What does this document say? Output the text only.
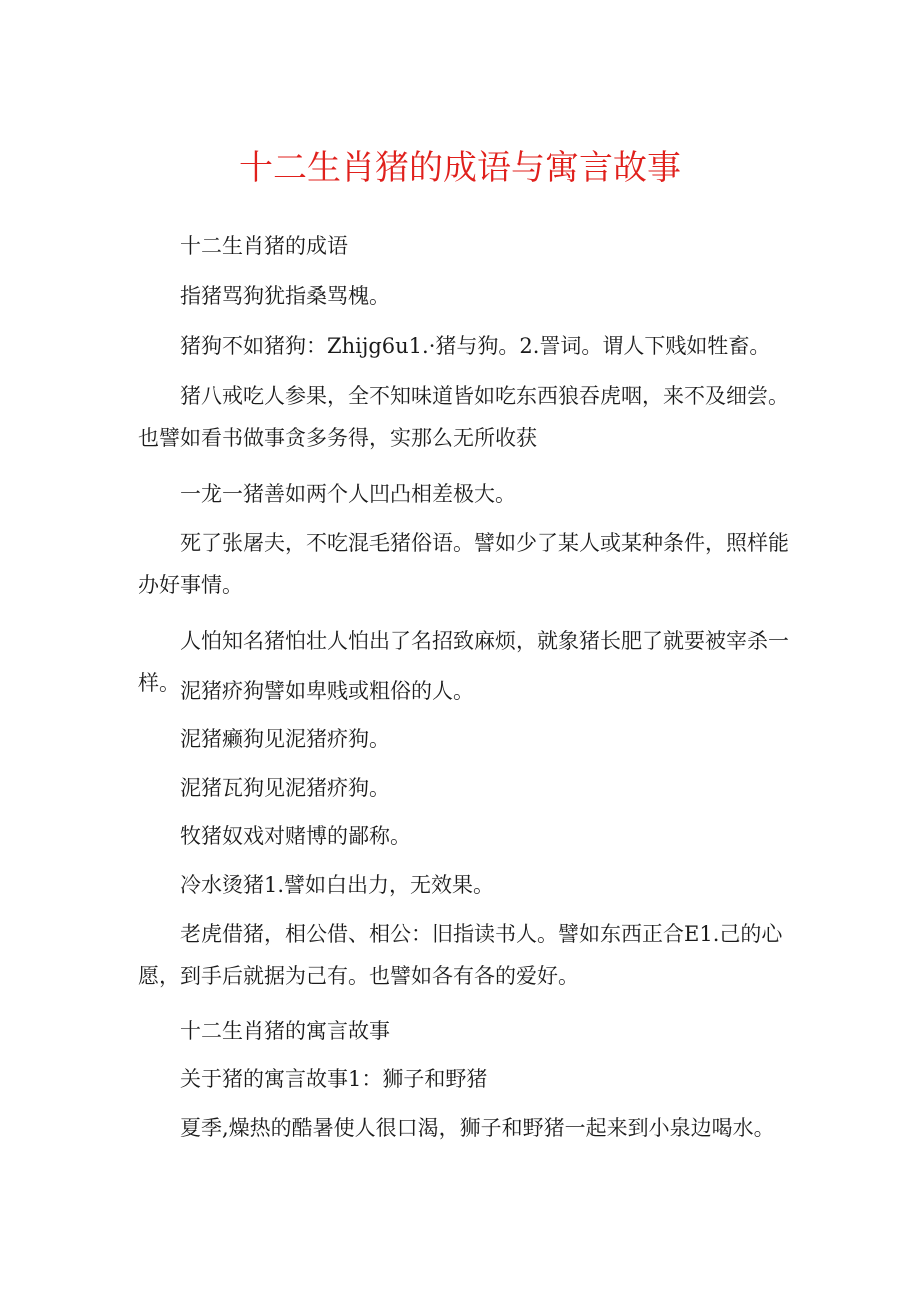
十二生肖猪的成语与寓言故事

十二生肖猪的成语

指猪骂狗犹指桑骂槐。

猪狗不如猪狗：Zhijg6u1.·猪与狗。2.詈词。谓人下贱如牲畜。

猪八戒吃人参果，全不知味道皆如吃东西狼吞虎咽，来不及细尝。也譬如看书做事贪多务得，实那么无所收获

一龙一猪善如两个人凹凸相差极大。

死了张屠夫，不吃混毛猪俗语。譬如少了某人或某种条件，照样能办好事情。

人怕知名猪怕壮人怕出了名招致麻烦，就象猪长肥了就要被宰杀一样。 泥猪疥狗譬如卑贱或粗俗的人。

泥猪癞狗见泥猪疥狗。

泥猪瓦狗见泥猪疥狗。

牧猪奴戏对赌博的鄙称。

冷水烫猪1.譬如白出力，无效果。

老虎借猪，相公借、相公：旧指读书人。譬如东西正合E1.己的心愿，到手后就据为己有。也譬如各有各的爱好。

十二生肖猪的寓言故事

关于猪的寓言故事1：狮子和野猪

夏季,燥热的酷暑使人很口渴，狮子和野猪一起来到小泉边喝水。
